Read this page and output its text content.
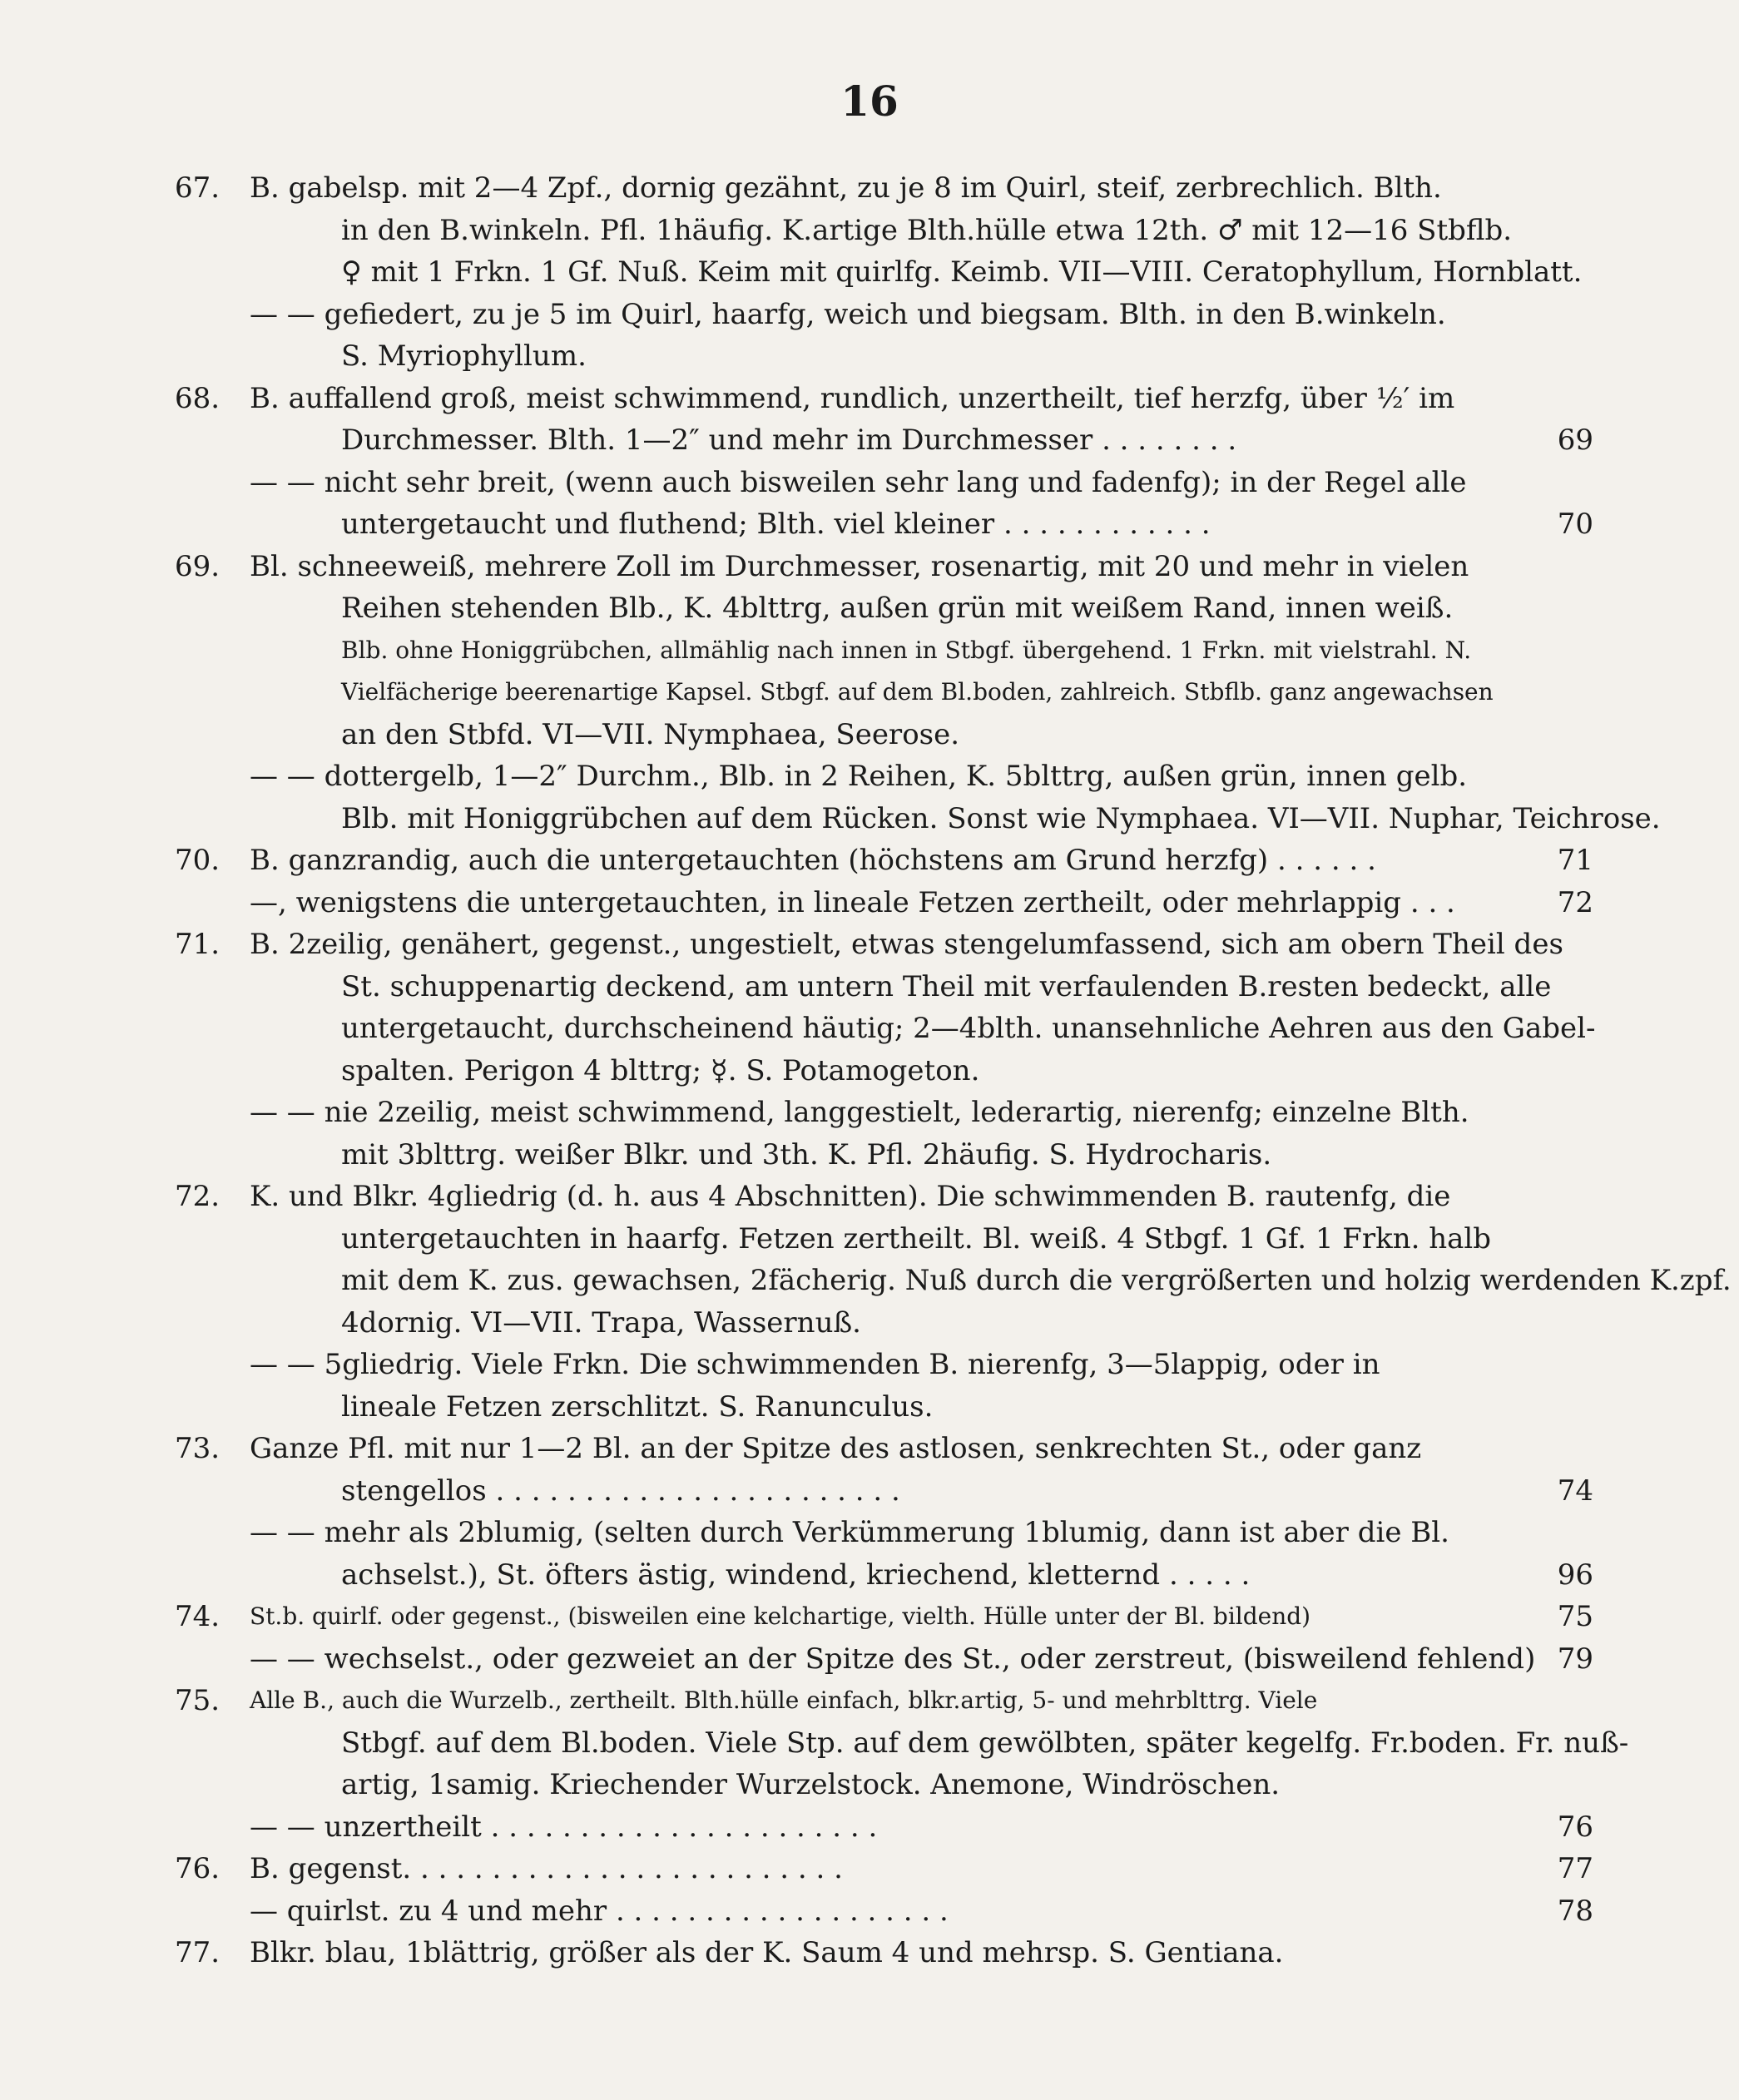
16
67.	B. gabelsp. mit 2—4 Zpf., dornig gezähnt, zu je 8 im Quirl, steif, zerbrechlich. Blth.
in den B.winkeln. Pfl. 1häufig. K.artige Blth.hülle etwa 12th. ♂ mit 12—16 Stbflb.
♀ mit 1 Frkn. 1 Gf. Nuß. Keim mit quirlfg. Keimb. VII—VIII. Ceratophyllum, Hornblatt.
— — gefiedert, zu je 5 im Quirl, haarfg, weich und biegsam. Blth. in den B.winkeln.
S. Myriophyllum.
68.	B. auffallend groß, meist schwimmend, rundlich, unzertheilt, tief herzfg, über ½′ im
Durchmesser. Blth. 1—2″ und mehr im Durchmesser . . . . . . . .	69
— — nicht sehr breit, (wenn auch bisweilen sehr lang und fadenfg); in der Regel alle
untergetaucht und fluthend; Blth. viel kleiner . . . . . . . . . . . .	70
69.	Bl. schneeweiß, mehrere Zoll im Durchmesser, rosenartig, mit 20 und mehr in vielen
Reihen stehenden Blb., K. 4blttrg, außen grün mit weißem Rand, innen weiß.
Blb. ohne Honiggrübchen, allmählig nach innen in Stbgf. übergehend. 1 Frkn. mit vielstrahl. N.
Vielfächerige beerenartige Kapsel. Stbgf. auf dem Bl.boden, zahlreich. Stbflb. ganz angewachsen
an den Stbfd. VI—VII. Nymphaea, Seerose.
— — dottergelb, 1—2″ Durchm., Blb. in 2 Reihen, K. 5blttrg, außen grün, innen gelb.
Blb. mit Honiggrübchen auf dem Rücken. Sonst wie Nymphaea. VI—VII. Nuphar, Teichrose.
70.	B. ganzrandig, auch die untergetauchten (höchstens am Grund herzfg) . . . . . .	71
—, wenigstens die untergetauchten, in lineale Fetzen zertheilt, oder mehrlappig . . .	72
71.	B. 2zeilig, genähert, gegenst., ungestielt, etwas stengelumfassend, sich am obern Theil des
St. schuppenartig deckend, am untern Theil mit verfaulenden B.resten bedeckt, alle
untergetaucht, durchscheinend häutig; 2—4blth. unansehnliche Aehren aus den Gabel-
spalten. Perigon 4 blttrg; ☿. S. Potamogeton.
— — nie 2zeilig, meist schwimmend, langgestielt, lederartig, nierenfg; einzelne Blth.
mit 3blttrg. weißer Blkr. und 3th. K. Pfl. 2häufig. S. Hydrocharis.
72.	K. und Blkr. 4gliedrig (d. h. aus 4 Abschnitten). Die schwimmenden B. rautenfg, die
untergetauchten in haarfg. Fetzen zertheilt. Bl. weiß. 4 Stbgf. 1 Gf. 1 Frkn. halb
mit dem K. zus. gewachsen, 2fächerig. Nuß durch die vergrößerten und holzig werdenden K.zpf.
4dornig. VI—VII. Trapa, Wassernuß.
— — 5gliedrig. Viele Frkn. Die schwimmenden B. nierenfg, 3—5lappig, oder in
lineale Fetzen zerschlitzt. S. Ranunculus.
73.	Ganze Pfl. mit nur 1—2 Bl. an der Spitze des astlosen, senkrechten St., oder ganz
stengellos . . . . . . . . . . . . . . . . . . . . . . .	74
— — mehr als 2blumig, (selten durch Verkümmerung 1blumig, dann ist aber die Bl.
achselst.), St. öfters ästig, windend, kriechend, kletternd . . . . .	96
74.	St.b. quirlf. oder gegenst., (bisweilen eine kelchartige, vielth. Hülle unter der Bl. bildend)	75
— — wechselst., oder gezweiet an der Spitze des St., oder zerstreut, (bisweilend fehlend) 79
75.	Alle B., auch die Wurzelb., zertheilt. Blth.hülle einfach, blkr.artig, 5- und mehrblttrg. Viele
Stbgf. auf dem Bl.boden. Viele Stp. auf dem gewölbten, später kegelfg. Fr.boden. Fr. nuß-
artig, 1samig. Kriechender Wurzelstock. Anemone, Windröschen.
— — unzertheilt . . . . . . . . . . . . . . . . . . . . . .	76
76.	B. gegenst. . . . . . . . . . . . . . . . . . . . . . . . .	77
— quirlst. zu 4 und mehr . . . . . . . . . . . . . . . . . . .	78
77.	Blkr. blau, 1blättrig, größer als der K. Saum 4 und mehrsp. S. Gentiana.
